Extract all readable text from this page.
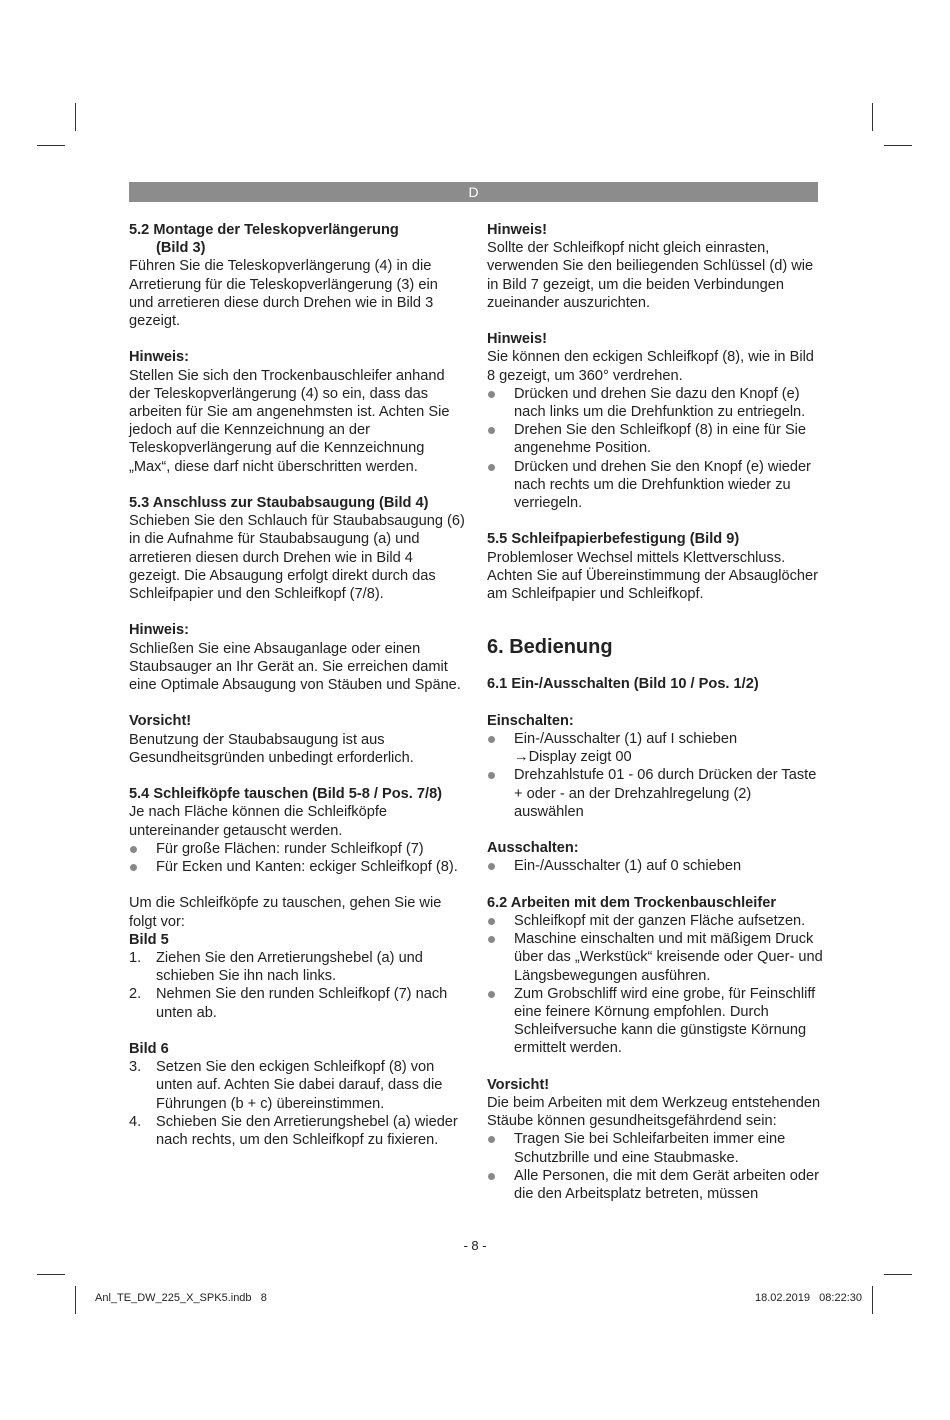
D

5.2 Montage der Teleskopverlängerung

(Bild 3)

Führen Sie die Teleskopverlängerung (4) in die Arretierung für die Teleskopverlängerung (3) ein und arretieren diese durch Drehen wie in Bild 3 gezeigt.

Hinweis:

Stellen Sie sich den Trockenbauschleifer anhand der Teleskopverlängerung (4) so ein, dass das arbeiten für Sie am angenehmsten ist. Achten Sie jedoch auf die Kennzeichnung an der Teleskopverlängerung auf die Kennzeichnung „Max“, diese darf nicht überschritten werden.

5.3 Anschluss zur Staubabsaugung (Bild 4)

Schieben Sie den Schlauch für Staubabsaugung (6) in die Aufnahme für Staubabsaugung (a) und arretieren diesen durch Drehen wie in Bild 4 gezeigt. Die Absaugung erfolgt direkt durch das Schleifpapier und den Schleifkopf (7/8).

Hinweis:

Schließen Sie eine Absauganlage oder einen Staubsauger an Ihr Gerät an. Sie erreichen damit eine Optimale Absaugung von Stäuben und Späne.

Vorsicht!

Benutzung der Staubabsaugung ist aus Gesundheitsgründen unbedingt erforderlich.

5.4 Schleifköpfe tauschen (Bild 5-8 / Pos. 7/8)

Je nach Fläche können die Schleifköpfe untereinander getauscht werden.

Für große Flächen: runder Schleifkopf (7)
Für Ecken und Kanten: eckiger Schleifkopf (8).

Um die Schleifköpfe zu tauschen, gehen Sie wie folgt vor:

Bild 5

1.	Ziehen Sie den Arretierungshebel (a) und schieben Sie ihn nach links.
2.	Nehmen Sie den runden Schleifkopf (7) nach unten ab.

Bild 6

3.	Setzen Sie den eckigen Schleifkopf (8) von unten auf. Achten Sie dabei darauf, dass die Führungen (b + c) übereinstimmen.
4.	Schieben Sie den Arretierungshebel (a) wieder nach rechts, um den Schleifkopf zu fixieren.

Hinweis!

Sollte der Schleifkopf nicht gleich einrasten, verwenden Sie den beiliegenden Schlüssel (d) wie in Bild 7 gezeigt, um die beiden Verbindungen zueinander auszurichten.

Hinweis!

Sie können den eckigen Schleifkopf (8), wie in Bild 8 gezeigt, um 360° verdrehen.

Drücken und drehen Sie dazu den Knopf (e) nach links um die Drehfunktion zu entriegeln.
Drehen Sie den Schleifkopf (8) in eine für Sie angenehme Position.
Drücken und drehen Sie den Knopf (e) wieder nach rechts um die Drehfunktion wieder zu verriegeln.

5.5 Schleifpapierbefestigung (Bild 9)

Problemloser Wechsel mittels Klettverschluss. Achten Sie auf Übereinstimmung der Absauglöcher am Schleifpapier und Schleifkopf.

6. Bedienung

6.1 Ein-/Ausschalten (Bild 10 / Pos. 1/2)

Einschalten:

Ein-/Ausschalter (1) auf I schieben
→Display zeigt 00
Drehzahlstufe 01 - 06 durch Drücken der Taste + oder - an der Drehzahlregelung (2) auswählen

Ausschalten:

Ein-/Ausschalter (1) auf 0 schieben

6.2 Arbeiten mit dem Trockenbauschleifer

Schleifkopf mit der ganzen Fläche aufsetzen.
Maschine einschalten und mit mäßigem Druck über das „Werkstück“ kreisende oder Quer- und Längsbewegungen ausführen.
Zum Grobschliff wird eine grobe, für Feinschliff eine feinere Körnung empfohlen. Durch Schleifversuche kann die günstigste Körnung ermittelt werden.

Vorsicht!

Die beim Arbeiten mit dem Werkzeug entstehenden Stäube können gesundheitsgefährdend sein:

Tragen Sie bei Schleifarbeiten immer eine Schutzbrille und eine Staubmaske.
Alle Personen, die mit dem Gerät arbeiten oder die den Arbeitsplatz betreten, müssen
- 8 -
Anl_TE_DW_225_X_SPK5.indb   8	18.02.2019   08:22:30
